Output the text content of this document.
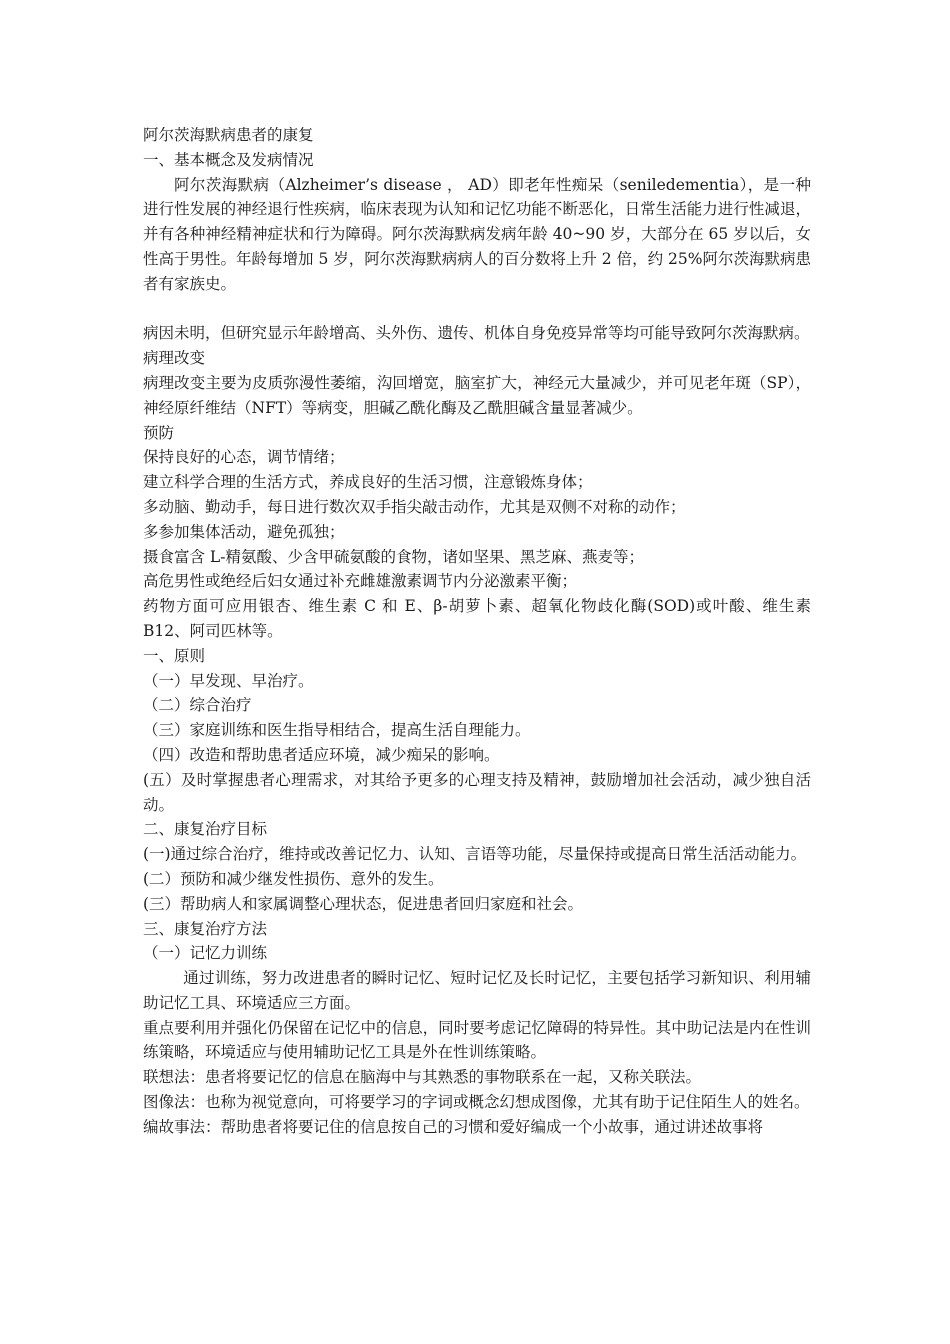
阿尔茨海默病患者的康复

一、基本概念及发病情况

阿尔茨海默病（Alzheimer’s disease ， AD）即老年性痴呆（seniledementia），是一种进行性发展的神经退行性疾病，临床表现为认知和记忆功能不断恶化，日常生活能力进行性减退，并有各种神经精神症状和行为障碍。阿尔茨海默病发病年龄 40~90 岁，大部分在 65 岁以后，女性高于男性。年龄每增加 5 岁，阿尔茨海默病病人的百分数将上升 2 倍，约 25%阿尔茨海默病患者有家族史。

病因未明，但研究显示年龄增高、头外伤、遗传、机体自身免疫异常等均可能导致阿尔茨海默病。

病理改变

病理改变主要为皮质弥漫性萎缩，沟回增宽，脑室扩大，神经元大量减少，并可见老年斑（SP），神经原纤维结（NFT）等病变，胆碱乙酰化酶及乙酰胆碱含量显著减少。

预防

保持良好的心态，调节情绪；

建立科学合理的生活方式，养成良好的生活习惯，注意锻炼身体；

多动脑、勤动手，每日进行数次双手指尖敲击动作，尤其是双侧不对称的动作；

多参加集体活动，避免孤独；

摄食富含 L-精氨酸、少含甲硫氨酸的食物，诸如坚果、黑芝麻、燕麦等；

高危男性或绝经后妇女通过补充雌雄激素调节内分泌激素平衡；

药物方面可应用银杏、维生素 C 和 E、β-胡萝卜素、超氧化物歧化酶(SOD)或叶酸、维生素 B12、阿司匹林等。

一、原则

（一）早发现、早治疗。

（二）综合治疗

（三）家庭训练和医生指导相结合，提高生活自理能力。

（四）改造和帮助患者适应环境，减少痴呆的影响。

(五）及时掌握患者心理需求，对其给予更多的心理支持及精神，鼓励增加社会活动，减少独自活动。

二、康复治疗目标

(一)通过综合治疗，维持或改善记忆力、认知、言语等功能，尽量保持或提高日常生活活动能力。

(二）预防和减少继发性损伤、意外的发生。

(三）帮助病人和家属调整心理状态，促进患者回归家庭和社会。

三、康复治疗方法

（一）记忆力训练

通过训练，努力改进患者的瞬时记忆、短时记忆及长时记忆，主要包括学习新知识、利用辅助记忆工具、环境适应三方面。

重点要利用并强化仍保留在记忆中的信息，同时要考虑记忆障碍的特异性。其中助记法是内在性训练策略，环境适应与使用辅助记忆工具是外在性训练策略。

联想法：患者将要记忆的信息在脑海中与其熟悉的事物联系在一起，又称关联法。

图像法：也称为视觉意向，可将要学习的字词或概念幻想成图像，尤其有助于记住陌生人的姓名。

编故事法：帮助患者将要记住的信息按自己的习惯和爱好编成一个小故事，通过讲述故事将
